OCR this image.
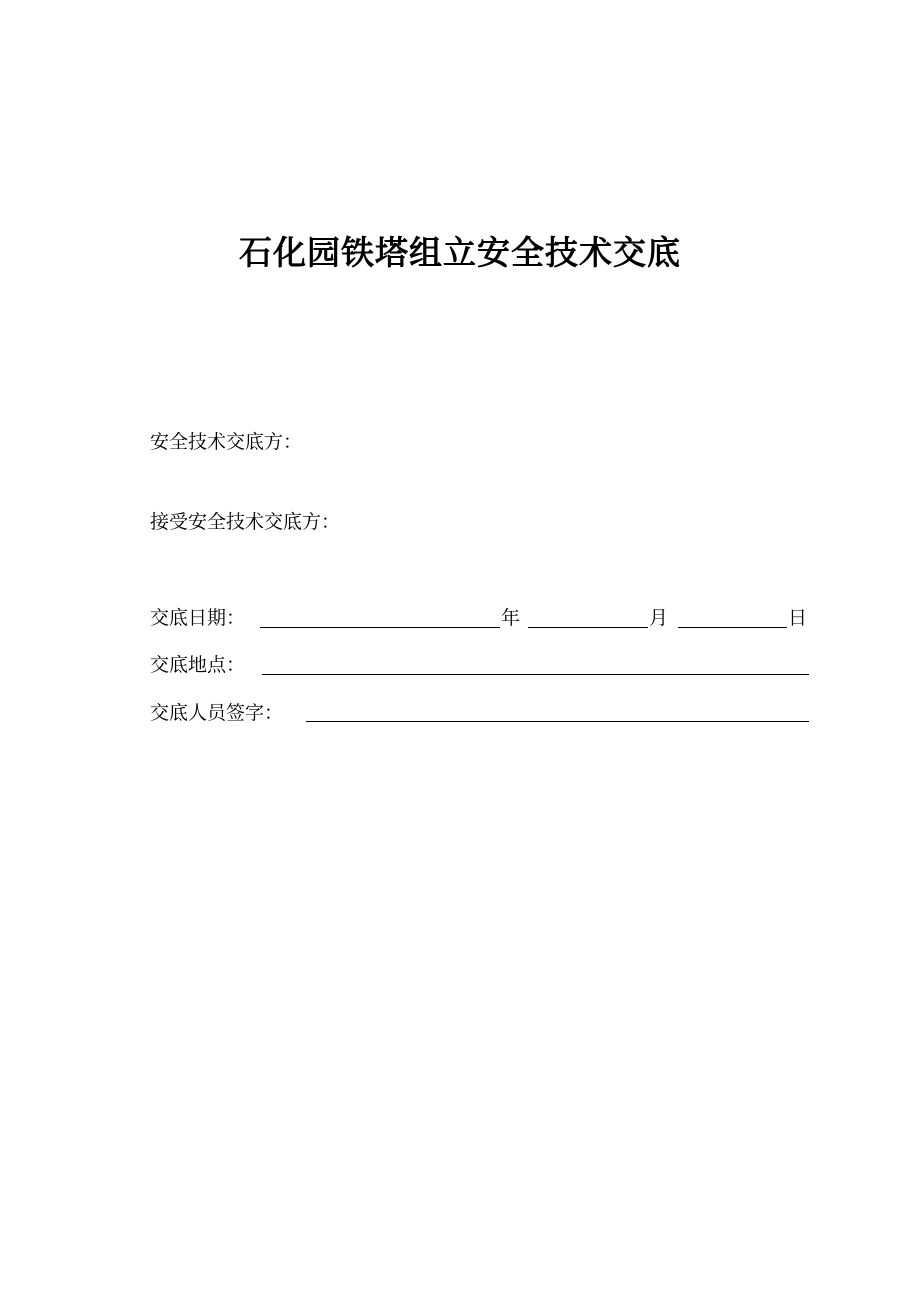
石化园铁塔组立安全技术交底
安全技术交底方：
接受安全技术交底方：
交底日期：	年	月	日
交底地点：
交底人员签字：
